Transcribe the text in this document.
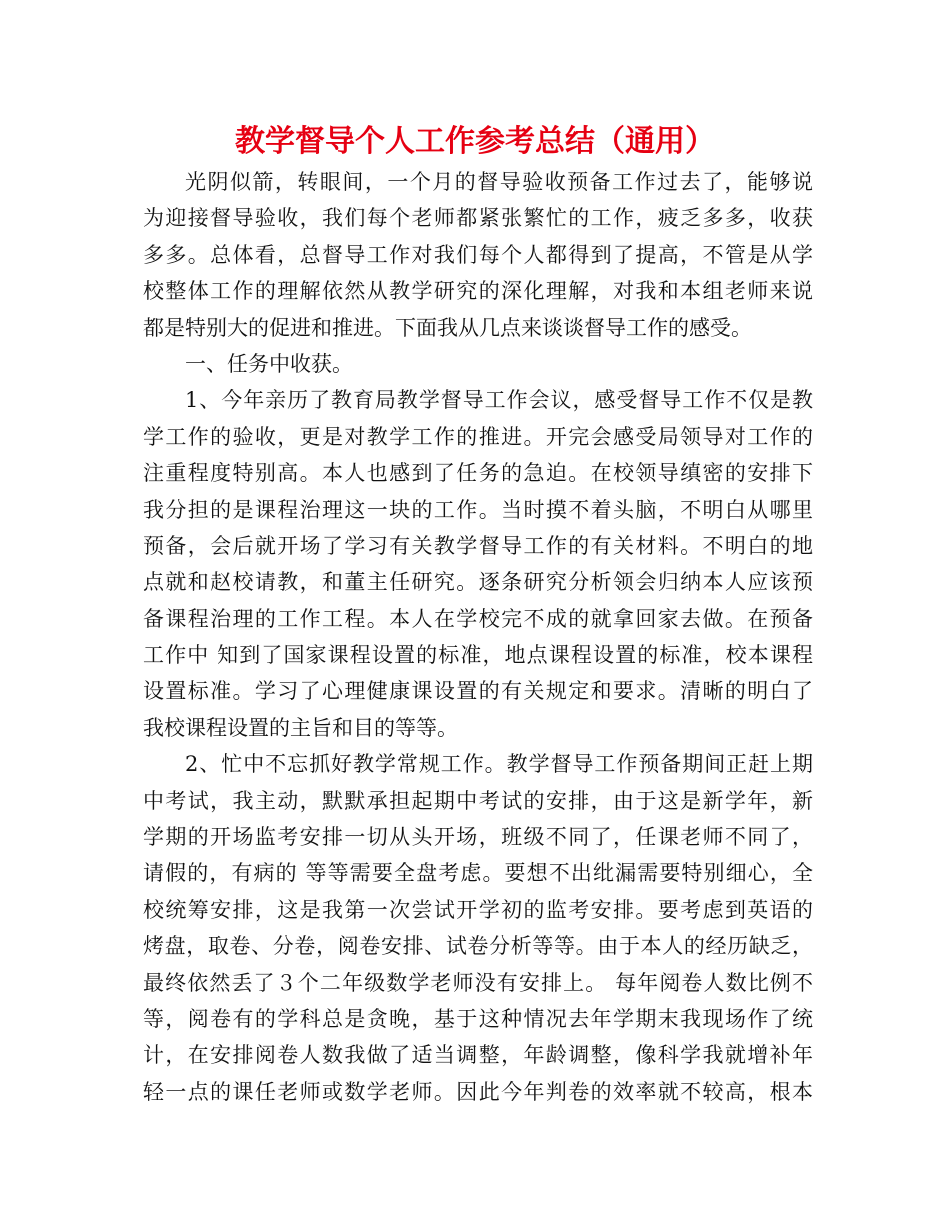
教学督导个人工作参考总结（通用）

光阴似箭，转眼间，一个月的督导验收预备工作过去了，能够说
为迎接督导验收，我们每个老师都紧张繁忙的工作，疲乏多多，收获
多多。总体看，总督导工作对我们每个人都得到了提高，不管是从学
校整体工作的理解依然从教学研究的深化理解，对我和本组老师来说
都是特别大的促进和推进。下面我从几点来谈谈督导工作的感受。

一、任务中收获。

1、今年亲历了教育局教学督导工作会议，感受督导工作不仅是教
学工作的验收，更是对教学工作的推进。开完会感受局领导对工作的
注重程度特别高。本人也感到了任务的急迫。在校领导缜密的安排下
我分担的是课程治理这一块的工作。当时摸不着头脑，不明白从哪里
预备，会后就开场了学习有关教学督导工作的有关材料。不明白的地
点就和赵校请教，和董主任研究。逐条研究分析领会归纳本人应该预
备课程治理的工作工程。本人在学校完不成的就拿回家去做。在预备
工作中 知到了国家课程设置的标准，地点课程设置的标准，校本课程
设置标准。学习了心理健康课设置的有关规定和要求。清晰的明白了
我校课程设置的主旨和目的等等。

2、忙中不忘抓好教学常规工作。教学督导工作预备期间正赶上期
中考试，我主动，默默承担起期中考试的安排，由于这是新学年，新
学期的开场监考安排一切从头开场，班级不同了，任课老师不同了，
请假的，有病的 等等需要全盘考虑。要想不出纰漏需要特别细心，全
校统筹安排，这是我第一次尝试开学初的监考安排。要考虑到英语的
烤盘，取卷、分卷，阅卷安排、试卷分析等等。由于本人的经历缺乏，
最终依然丢了３个二年级数学老师没有安排上。 每年阅卷人数比例不
等，阅卷有的学科总是贪晚，基于这种情况去年学期末我现场作了统
计，在安排阅卷人数我做了适当调整，年龄调整，像科学我就增补年
轻一点的课任老师或数学老师。因此今年判卷的效率就不较高，根本
